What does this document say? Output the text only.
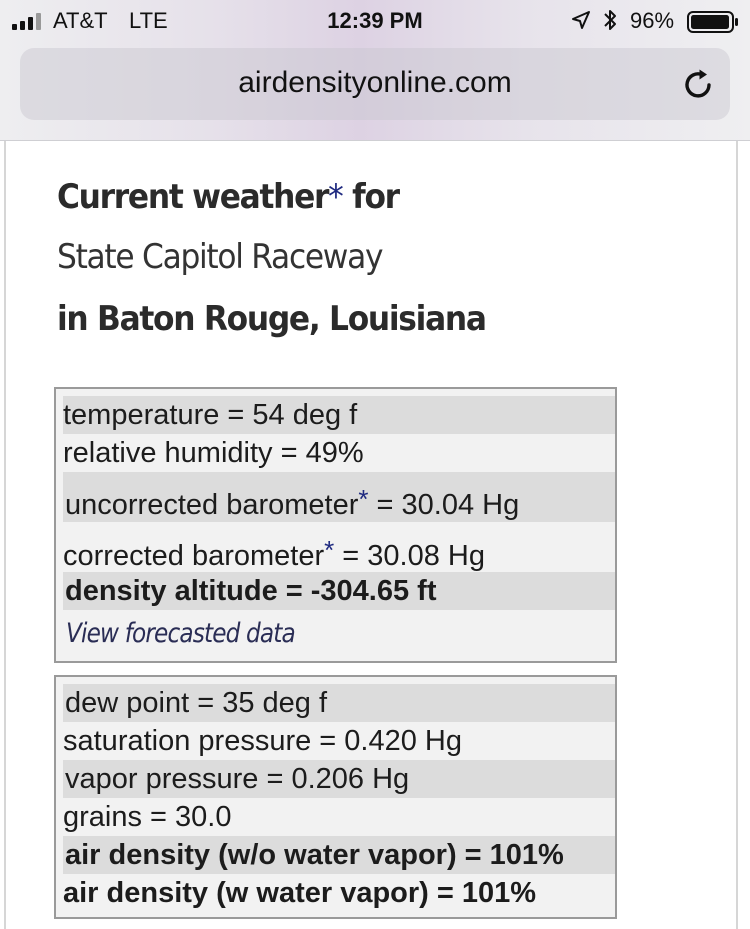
AT&T LTE	12:39 PM	96%
airdensityonline.com
Current weather* for
State Capitol Raceway
in Baton Rouge, Louisiana
temperature = 54 deg f
relative humidity = 49%
uncorrected barometer* = 30.04 Hg
corrected barometer* = 30.08 Hg
density altitude = -304.65 ft
View forecasted data
dew point = 35 deg f
saturation pressure = 0.420 Hg
vapor pressure = 0.206 Hg
grains = 30.0
air density (w/o water vapor) = 101%
air density (w water vapor) = 101%
